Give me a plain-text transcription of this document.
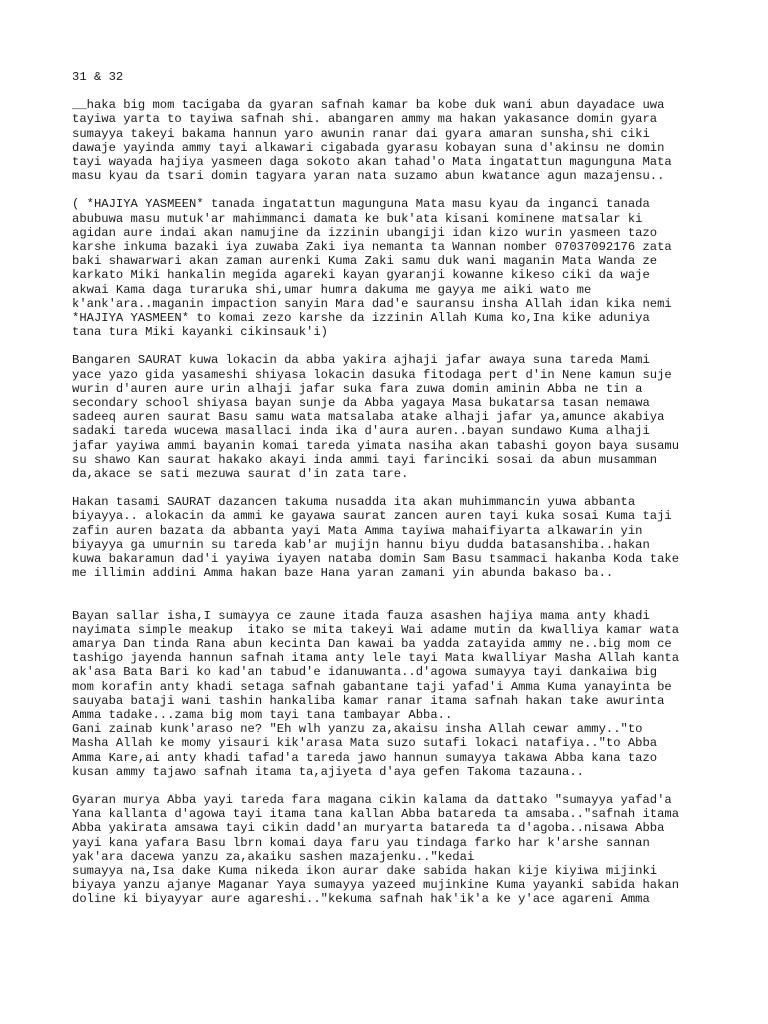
31 & 32
__haka big mom tacigaba da gyaran safnah kamar ba kobe duk wani abun dayadace uwa
tayiwa yarta to tayiwa safnah shi. abangaren ammy ma hakan yakasance domin gyara
sumayya takeyi bakama hannun yaro awunin ranar dai gyara amaran sunsha,shi ciki
dawaje yayinda ammy tayi alkawari cigabada gyarasu kobayan suna d'akinsu ne domin
tayi wayada hajiya yasmeen daga sokoto akan tahad'o Mata ingatattun magunguna Mata
masu kyau da tsari domin tagyara yaran nata suzamo abun kwatance agun mazajensu..
( *HAJIYA YASMEEN* tanada ingatattun magunguna Mata masu kyau da inganci tanada
abubuwa masu mutuk'ar mahimmanci damata ke buk'ata kisani kominene matsalar ki
agidan aure indai akan namujine da izzinin ubangiji idan kizo wurin yasmeen tazo
karshe inkuma bazaki iya zuwaba Zaki iya nemanta ta Wannan nomber 07037092176 zata
baki shawarwari akan zaman aurenki Kuma Zaki samu duk wani maganin Mata Wanda ze
karkato Miki hankalin megida agareki kayan gyaranji kowanne kikeso ciki da waje
akwai Kama daga turaruka shi,umar humra dakuma me gayya me aiki wato me
k'ank'ara..maganin impaction sanyin Mara dad'e sauransu insha Allah idan kika nemi
*HAJIYA YASMEEN* to komai zezo karshe da izzinin Allah Kuma ko,Ina kike aduniya
tana tura Miki kayanki cikinsauk'i)
Bangaren SAURAT kuwa lokacin da abba yakira ajhaji jafar awaya suna tareda Mami
yace yazo gida yasameshi shiyasa lokacin dasuka fitodaga pert d'in Nene kamun suje
wurin d'auren aure urin alhaji jafar suka fara zuwa domin aminin Abba ne tin a
secondary school shiyasa bayan sunje da Abba yagaya Masa bukatarsa tasan nemawa
sadeeq auren saurat Basu samu wata matsalaba atake alhaji jafar ya,amunce akabiya
sadaki tareda wucewa masallaci inda ika d'aura auren..bayan sundawo Kuma alhaji
jafar yayiwa ammi bayanin komai tareda yimata nasiha akan tabashi goyon baya susamu
su shawo Kan saurat hakako akayi inda ammi tayi farinciki sosai da abun musamman
da,akace se sati mezuwa saurat d'in zata tare.
Hakan tasami SAURAT dazancen takuma nusadda ita akan muhimmancin yuwa abbanta
biyayya.. alokacin da ammi ke gayawa saurat zancen auren tayi kuka sosai Kuma taji
zafin auren bazata da abbanta yayi Mata Amma tayiwa mahaifiyarta alkawarin yin
biyayya ga umurnin su tareda kab'ar mujijn hannu biyu dudda batasanshiba..hakan
kuwa bakaramun dad'i yayiwa iyayen nataba domin Sam Basu tsammaci hakanba Koda take
me illimin addini Amma hakan baze Hana yaran zamani yin abunda bakaso ba..
Bayan sallar isha,I sumayya ce zaune itada fauza asashen hajiya mama anty khadi
nayimata simple meakup  itako se mita takeyi Wai adame mutin da kwalliya kamar wata
amarya Dan tinda Rana abun kecinta Dan kawai ba yadda zatayida ammy ne..big mom ce
tashigo jayenda hannun safnah itama anty lele tayi Mata kwalliyar Masha Allah kanta
ak'asa Bata Bari ko kad'an tabud'e idanuwanta..d'agowa sumayya tayi dankaiwa big
mom korafin anty khadi setaga safnah gabantane taji yafad'i Amma Kuma yanayinta be
sauyaba bataji wani tashin hankaliba kamar ranar itama safnah hakan take awurinta
Amma tadake...zama big mom tayi tana tambayar Abba..
Gani zainab kunk'araso ne? "Eh wlh yanzu za,akaisu insha Allah cewar ammy.."to
Masha Allah ke momy yisauri kik'arasa Mata suzo sutafi lokaci natafiya.."to Abba
Amma Kare,ai anty khadi tafad'a tareda jawo hannun sumayya takawa Abba kana tazo
kusan ammy tajawo safnah itama ta,ajiyeta d'aya gefen Takoma tazauna..
Gyaran murya Abba yayi tareda fara magana cikin kalama da dattako "sumayya yafad'a
Yana kallanta d'agowa tayi itama tana kallan Abba batareda ta amsaba.."safnah itama
Abba yakirata amsawa tayi cikin dadd'an muryarta batareda ta d'agoba..nisawa Abba
yayi kana yafara Basu lbrn komai daya faru yau tindaga farko har k'arshe sannan
yak'ara dacewa yanzu za,akaiku sashen mazajenku.."kedai
sumayya na,Isa dake Kuma nikeda ikon aurar dake sabida hakan kije kiyiwa mijinki
biyaya yanzu ajanye Maganar Yaya sumayya yazeed mujinkine Kuma yayanki sabida hakan
doline ki biyayyar aure agareshi.."kekuma safnah hak'ik'a ke y'ace agareni Amma
